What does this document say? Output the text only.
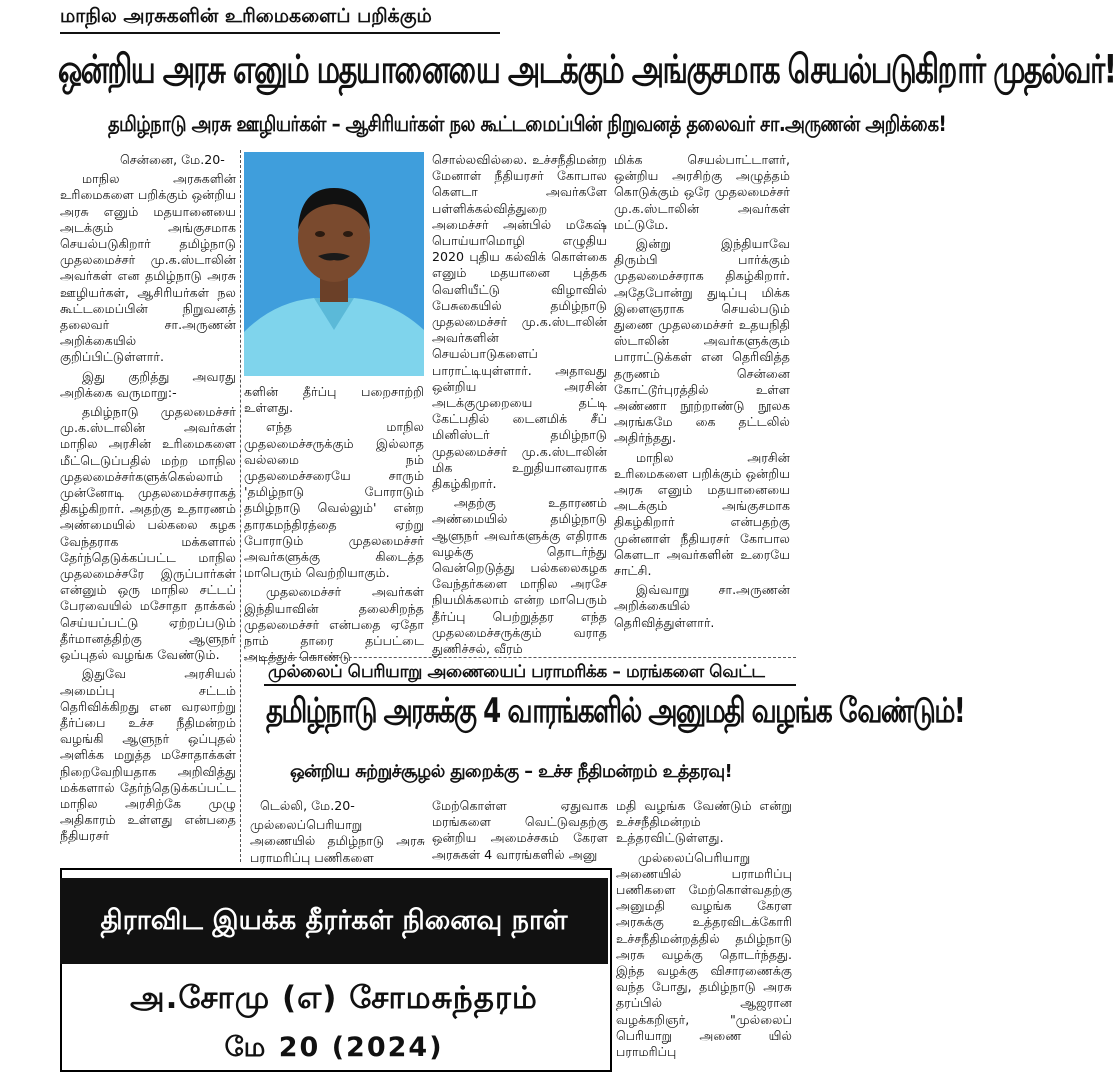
மாநில அரசுகளின் உரிமைகளைப் பறிக்கும்
ஒன்றிய அரசு எனும் மதயானையை அடக்கும் அங்குசமாக செயல்படுகிறார் முதல்வர்!
தமிழ்நாடு அரசு ஊழியர்கள் – ஆசிரியர்கள் நல கூட்டமைப்பின் நிறுவனத் தலைவர் சா.அருணன் அறிக்கை!

சென்னை, மே.20-

மாநில அரசுகளின் உரிமைகளை பறிக்கும் ஒன்றிய அரசு எனும் மதயானையை அடக்கும் அங்குசமாக செயல்படுகிறார் தமிழ்நாடு முதலமைச்சர் மு.க.ஸ்டாலின் அவர்கள் என தமிழ்நாடு அரசு ஊழியர்கள், ஆசிரியர்கள் நல கூட்டமைப்பின் நிறுவனத் தலைவர் சா.அருணன் அறிக்கையில் குறிப்பிட்டுள்ளார்.

இது குறித்து அவரது அறிக்கை வருமாறு:-

தமிழ்நாடு முதலமைச்சர் மு.க.ஸ்டாலின் அவர்கள் மாநில அரசின் உரிமைகளை மீட்டெடுப்பதில் மற்ற மாநில முதலமைச்சர்களுக்கெல்லாம் முன்னோடி முதலமைச்சராகத் திகழ்கிறார். அதற்கு உதாரணம் அண்மையில் பல்கலை கழக வேந்தராக மக்களால் தேர்ந்தெடுக்கப்பட்ட மாநில முதலமைச்சரே இருப்பார்கள் என்னும் ஒரு மாநில சட்டப் பேரவையில் மசோதா தாக்கல் செய்யப்பட்டு ஏற்றப்படும் தீர்மானத்திற்கு ஆளுநர் ஒப்புதல் வழங்க வேண்டும்.

இதுவே அரசியல் அமைப்பு சட்டம் தெரிவிக்கிறது என வரலாற்று தீர்ப்பை உச்ச நீதிமன்றம் வழங்கி ஆளுநர் ஒப்புதல் அளிக்க மறுத்த மசோதாக்கள் நிறைவேறியதாக அறிவித்து மக்களால் தேர்ந்தெடுக்கப்பட்ட மாநில அரசிற்கே முழு அதிகாரம் உள்ளது என்பதை நீதியரசர்

களின் தீர்ப்பு பறைசாற்றி உள்ளது.

எந்த மாநில முதலமைச்சருக்கும் இல்லாத வல்லமை நம் முதலமைச்சரையே சாரும் 'தமிழ்நாடு போராடும் தமிழ்நாடு வெல்லும்' என்ற தாரகமந்திரத்தை ஏற்று போராடும் முதலமைச்சர் அவர்களுக்கு கிடைத்த மாபெரும் வெற்றியாகும்.

முதலமைச்சர் அவர்கள் இந்தியாவின் தலைசிறந்த முதலமைச்சர் என்பதை ஏதோ நாம் தாரை தப்பட்டை அடித்துக் கொண்டு

சொல்லவில்லை. உச்சநீதிமன்ற மேனாள் நீதியரசர் கோபால கௌடா அவர்களே பள்ளிக்கல்வித்துறை அமைச்சர் அன்பில் மகேஷ் பொய்யாமொழி எழுதிய 2020 புதிய கல்விக் கொள்கை எனும் மதயானை புத்தக வெளியீட்டு விழாவில் பேசுகையில் தமிழ்நாடு முதலமைச்சர் மு.க.ஸ்டாலின் அவர்களின் செயல்பாடுகளைப் பாராட்டியுள்ளார். அதாவது ஒன்றிய அரசின் அடக்குமுறையை தட்டி கேட்பதில் டைனமிக் சீப் மினிஸ்டர் தமிழ்நாடு முதலமைச்சர் மு.க.ஸ்டாலின் மிக உறுதியானவராக திகழ்கிறார்.

அதற்கு உதாரணம் அண்மையில் தமிழ்நாடு ஆளுநர் அவர்களுக்கு எதிராக வழக்கு தொடர்ந்து வென்றெடுத்து பல்கலைகழக வேந்தர்களை மாநில அரசே நியமிக்கலாம் என்ற மாபெரும் தீர்ப்பு பெற்றுத்தர எந்த முதலமைச்சருக்கும் வராத துணிச்சல், வீரம்

மிக்க செயல்பாட்டாளர், ஒன்றிய அரசிற்கு அழுத்தம் கொடுக்கும் ஒரே முதலமைச்சர் மு.க.ஸ்டாலின் அவர்கள் மட்டுமே.

இன்று இந்தியாவே திரும்பி பார்க்கும் முதலமைச்சராக திகழ்கிறார். அதேபோன்று துடிப்பு மிக்க இளைஞராக செயல்படும் துணை முதலமைச்சர் உதயநிதி ஸ்டாலின் அவர்களுக்கும் பாராட்டுக்கள் என தெரிவித்த தருணம் சென்னை கோட்டூர்புரத்தில் உள்ள அண்ணா நூற்றாண்டு நூலக அரங்கமே கை தட்டலில் அதிர்ந்தது.

மாநில அரசின் உரிமைகளை பறிக்கும் ஒன்றிய அரசு எனும் மதயானையை அடக்கும் அங்குசமாக திகழ்கிறார் என்பதற்கு முன்னாள் நீதியரசர் கோபால கௌடா அவர்களின் உரையே சாட்சி.

இவ்வாறு சா.அருணன் அறிக்கையில் தெரிவித்துள்ளார்.

முல்லைப் பெரியாறு அணையைப் பராமரிக்க – மரங்களை வெட்ட
தமிழ்நாடு அரசுக்கு 4 வாரங்களில் அனுமதி வழங்க வேண்டும்!
ஒன்றிய சுற்றுச்சூழல் துறைக்கு – உச்ச நீதிமன்றம் உத்தரவு!

டெல்லி, மே.20-

முல்லைப்பெரியாறு அணையில் தமிழ்நாடு அரசு பராமரிப்பு பணிகளை

மேற்கொள்ள ஏதுவாக மரங்களை வெட்டுவதற்கு ஒன்றிய அமைச்சகம் கேரள அரசுகள் 4 வாரங்களில் அனு

மதி வழங்க வேண்டும் என்று உச்சநீதிமன்றம் உத்தரவிட்டுள்ளது.

முல்லைப்பெரியாறு அணையில் பராமரிப்பு பணிகளை மேற்கொள்வதற்கு அனுமதி வழங்க கேரள அரசுக்கு உத்தரவிடக்கோரி உச்சநீதிமன்றத்தில் தமிழ்நாடு அரசு வழக்கு தொடர்ந்தது. இந்த வழக்கு விசாரணைக்கு வந்த போது, தமிழ்நாடு அரசு தரப்பில் ஆஜரான வழக்கறிஞர், "முல்லைப் பெரியாறு அணை யில் பராமரிப்பு

திராவிட இயக்க தீரர்கள் நினைவு நாள்
அ.சோமு (எ) சோமசுந்தரம்
மே 20 (2024)
